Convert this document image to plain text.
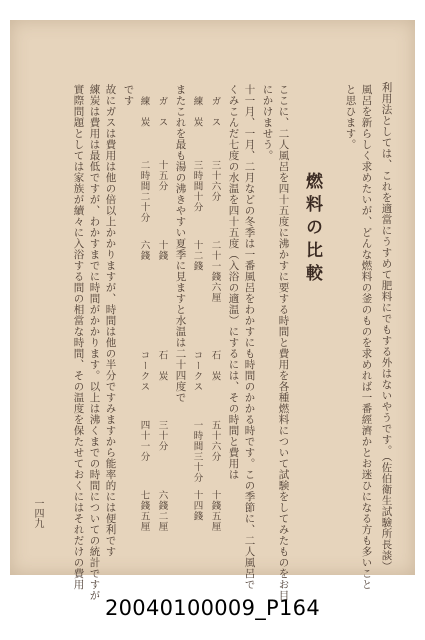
利用法としては、これを適當にうすめて肥料にでもする外はないやうです。（佐伯衛生試驗所長談）
風呂を新らしく求めたいが、どんな燃料の釜のものを求めれば一番經濟かとお迷ひになる方も多いこと
と思ひます。
燃料の比較
ここに、二人風呂を四十五度に沸かすに要する時間と費用を各種燃料について試験をしてみたものをお目
にかけませう。
十一月、一月、二月などの冬季は一番風呂をわかすにも時間のかかる時です。この季節に、二人風呂で
くみこんだ七度の水温を四十五度（入浴の適温）にするには、その時間と費用は
ガ　ス
三十六分
二十一錢六厘
石　炭
五十六分
十錢五厘
練　炭
三時間十分
十二錢
コークス
一時間三十分
十四錢
またこれを最も湯の沸きやすい夏季に見ますと水温は二十四度で
ガ　ス
十五分
十錢
石　炭
三十分
六錢二厘
練　炭
二時間二十分
六錢
コークス
四十一分
七錢五厘
です
故にガスは費用は他の倍以上かかりますが、時間は他の半分ですみますから能率的には便利です
練炭は費用は最低ですが、わかすまでに時間がかかります。以上は沸くまでの時間についての統計ですが
實際問題としては家族が續々に入浴する間の相當な時間、その温度を保たせておくにはそれだけの費用
一四九
20040100009_P164
